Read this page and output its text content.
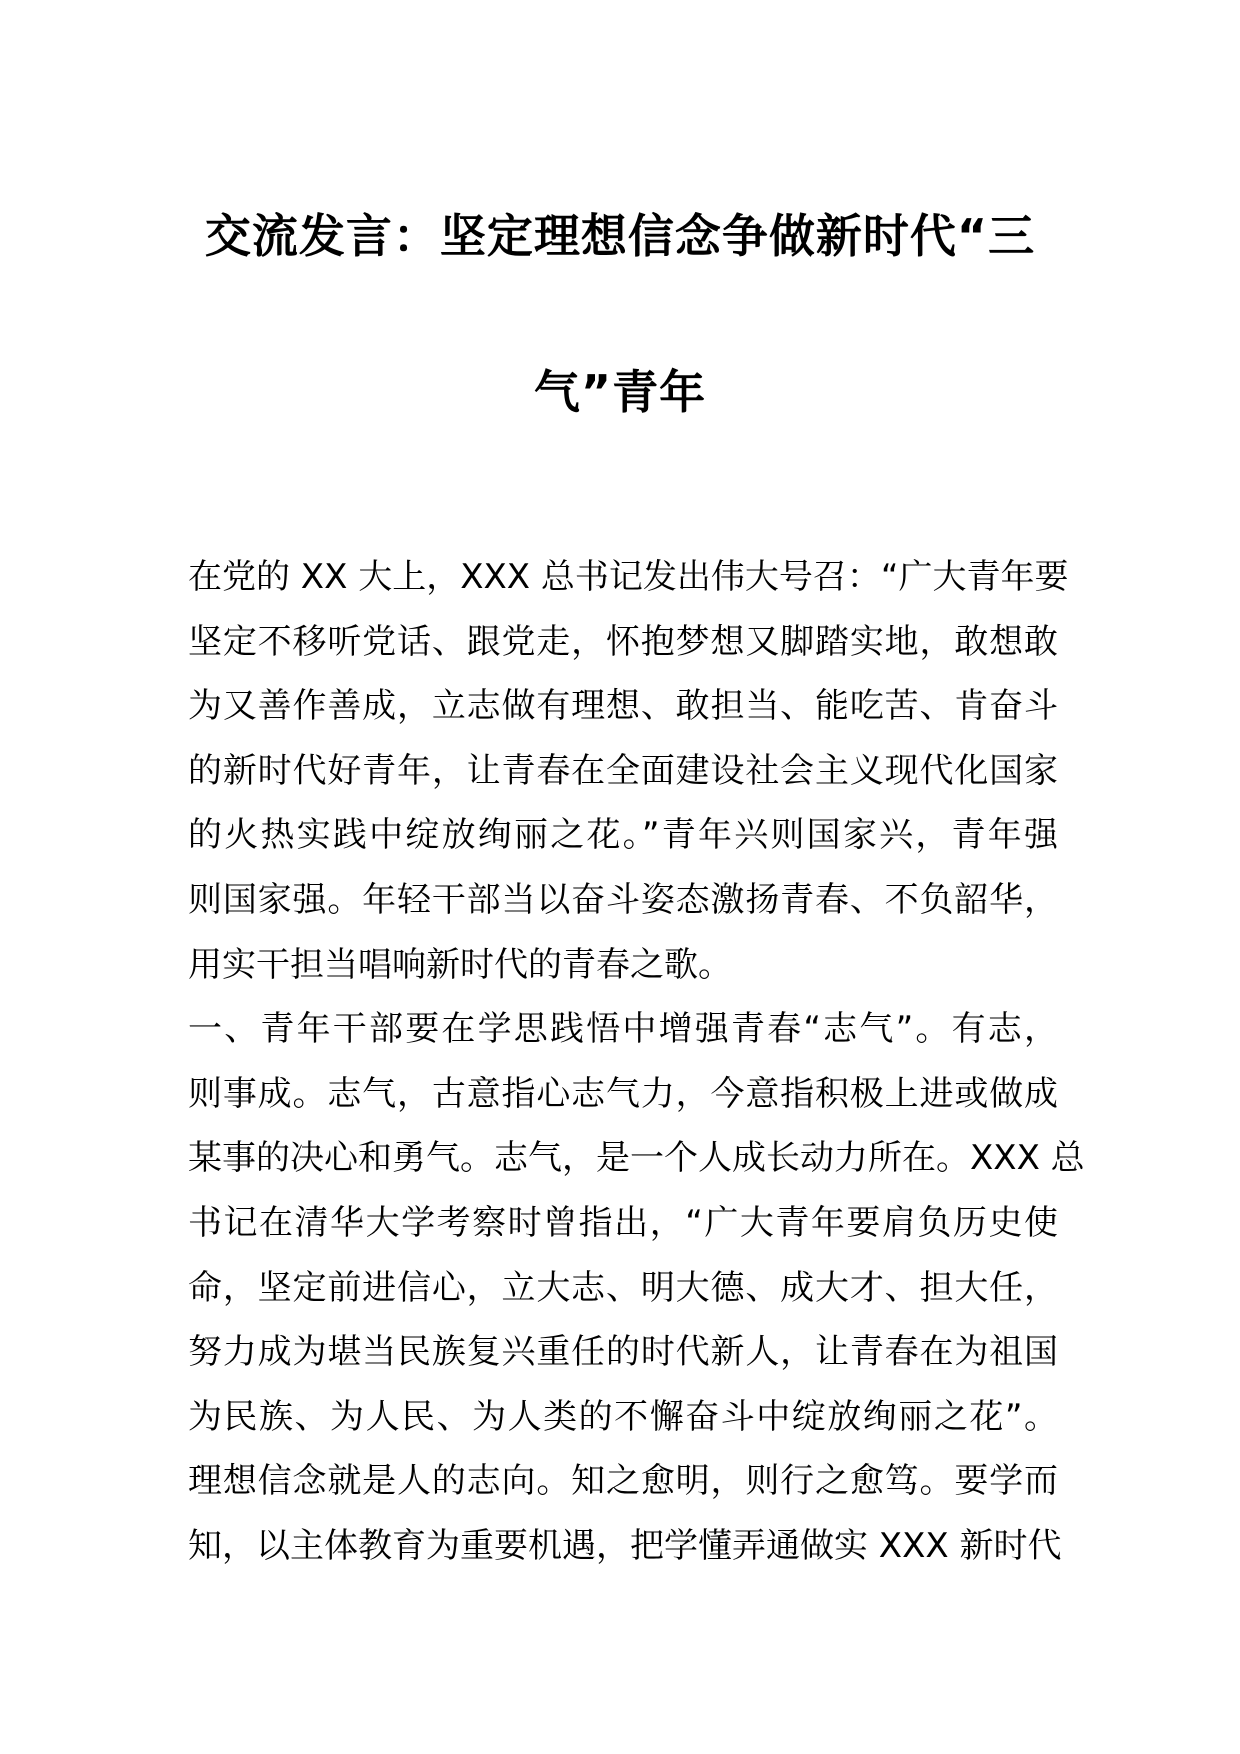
交流发言：坚定理想信念争做新时代“三
气”青年
在党的 XX 大上，XXX 总书记发出伟大号召：“广大青年要
坚定不移听党话、跟党走，怀抱梦想又脚踏实地，敢想敢
为又善作善成，立志做有理想、敢担当、能吃苦、肯奋斗
的新时代好青年，让青春在全面建设社会主义现代化国家
的火热实践中绽放绚丽之花。”青年兴则国家兴，青年强
则国家强。年轻干部当以奋斗姿态激扬青春、不负韶华，
用实干担当唱响新时代的青春之歌。
一、青年干部要在学思践悟中增强青春“志气”。有志，
则事成。志气，古意指心志气力，今意指积极上进或做成
某事的决心和勇气。志气，是一个人成长动力所在。XXX 总
书记在清华大学考察时曾指出，“广大青年要肩负历史使
命，坚定前进信心，立大志、明大德、成大才、担大任，
努力成为堪当民族复兴重任的时代新人，让青春在为祖国
为民族、为人民、为人类的不懈奋斗中绽放绚丽之花”。
理想信念就是人的志向。知之愈明，则行之愈笃。要学而
知，以主体教育为重要机遇，把学懂弄通做实 XXX 新时代
